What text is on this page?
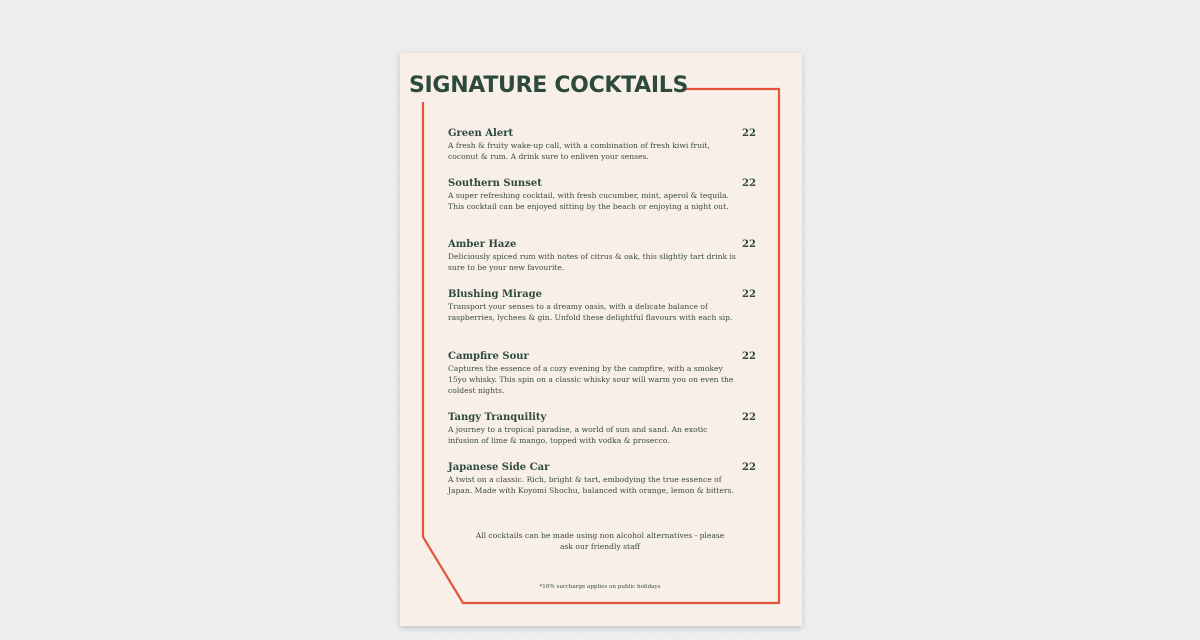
SIGNATURE COCKTAILS
Green Alert	22
A fresh & fruity wake-up call, with a combination of fresh kiwi fruit, coconut & rum. A drink sure to enliven your senses.
Southern Sunset	22
A super refreshing cocktail, with fresh cucumber, mint, aperol & tequila. This cocktail can be enjoyed sitting by the beach or enjoying a night out.
Amber Haze	22
Deliciously spiced rum with notes of citrus & oak, this slightly tart drink is sure to be your new favourite.
Blushing Mirage	22
Transport your senses to a dreamy oasis, with a delicate balance of raspberries, lychees & gin. Unfold these delightful flavours with each sip.
Campfire Sour	22
Captures the essence of a cozy evening by the campfire, with a smokey 15yo whisky. This spin on a classic whisky sour will warm you on even the coldest nights.
Tangy Tranquility	22
A journey to a tropical paradise, a world of sun and sand. An exotic infusion of lime & mango, topped with vodka & prosecco.
Japanese Side Car	22
A twist on a classic. Rich, bright & tart, embodying the true essence of Japan. Made with Koyomi Shochu, balanced with orange, lemon & bitters.
All cocktails can be made using non alcohol alternatives - please ask our friendly staff
*10% surcharge applies on public holidays
